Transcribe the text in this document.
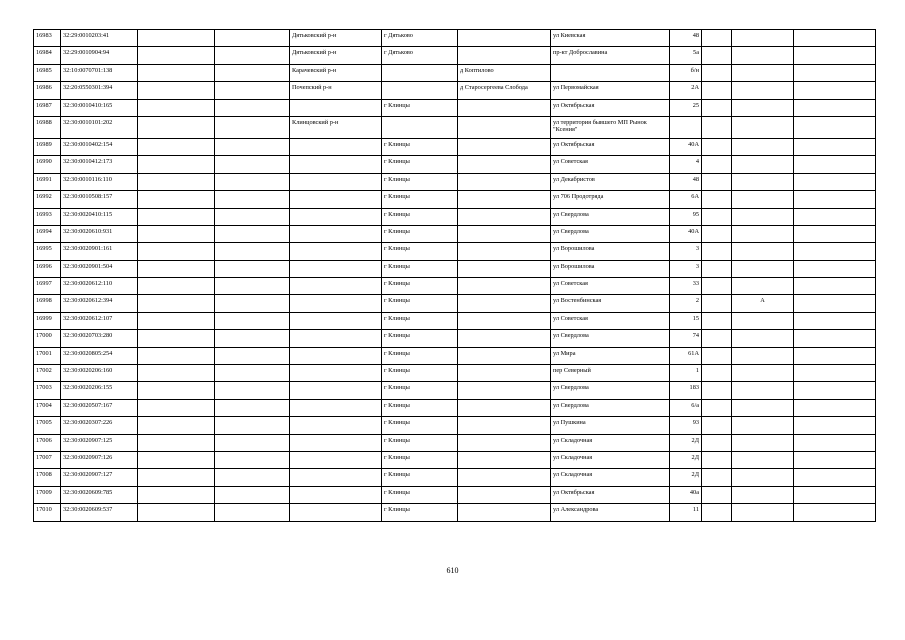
16983	32:29:0010203:41			Дятьковский р-н	г Дятьково		ул Киевская	48			
16984	32:29:0010904:94			Дятьковский р-н	г Дятьково		пр-кт Доброславина	5а			
16985	32:10:0070701:138			Карачевский р-н		д Коптилово		б/н			
16986	32:20:0550301:394			Почепский р-н		д Старосергеева Слобода	ул Первомайская	2А			
16987	32:30:0010410:165				г Клинцы		ул Октябрьская	25			
16988	32:30:0010101:202			Клинцовский р-н			ул территория бывшего МП Рынок "Ксения"				
16989	32:30:0010402:154				г Клинцы		ул Октябрьская	40А			
16990	32:30:0010412:173				г Клинцы		ул Советская	4			
16991	32:30:0010116:110				г Клинцы		ул Декабристов	48			
16992	32:30:0010508:157				г Клинцы		ул 706 Продотряда	6А			
16993	32:30:0020410:115				г Клинцы		ул Свердлова	95			
16994	32:30:0020610:931				г Клинцы		ул Свердлова	40А			
16995	32:30:0020901:161				г Клинцы		ул Ворошилова	3			
16996	32:30:0020901:504				г Клинцы		ул Ворошилова	3			
16997	32:30:0020612:110				г Клинцы		ул Советская	33			
16998	32:30:0020612:394				г Клинцы		ул Востенбинская	2		А	
16999	32:30:0020612:107				г Клинцы		ул Советская	15			
17000	32:30:0020703:280				г Клинцы		ул Свердлова	74			
17001	32:30:0020805:254				г Клинцы		ул Мира	61А			
17002	32:30:0020206:160				г Клинцы		пер Северный	1			
17003	32:30:0020206:155				г Клинцы		ул Свердлова	183			
17004	32:30:0020507:167				г Клинцы		ул Свердлова	6/а			
17005	32:30:0020307:226				г Клинцы		ул Пушкина	93			
17006	32:30:0020907:125				г Клинцы		ул Складочная	2Д			
17007	32:30:0020907:126				г Клинцы		ул Складочная	2Д			
17008	32:30:0020907:127				г Клинцы		ул Складочная	2Д			
17009	32:30:0020609:785				г Клинцы		ул Октябрьская	40а			
17010	32:30:0020609:537				г Клинцы		ул Александрова	11			
610
